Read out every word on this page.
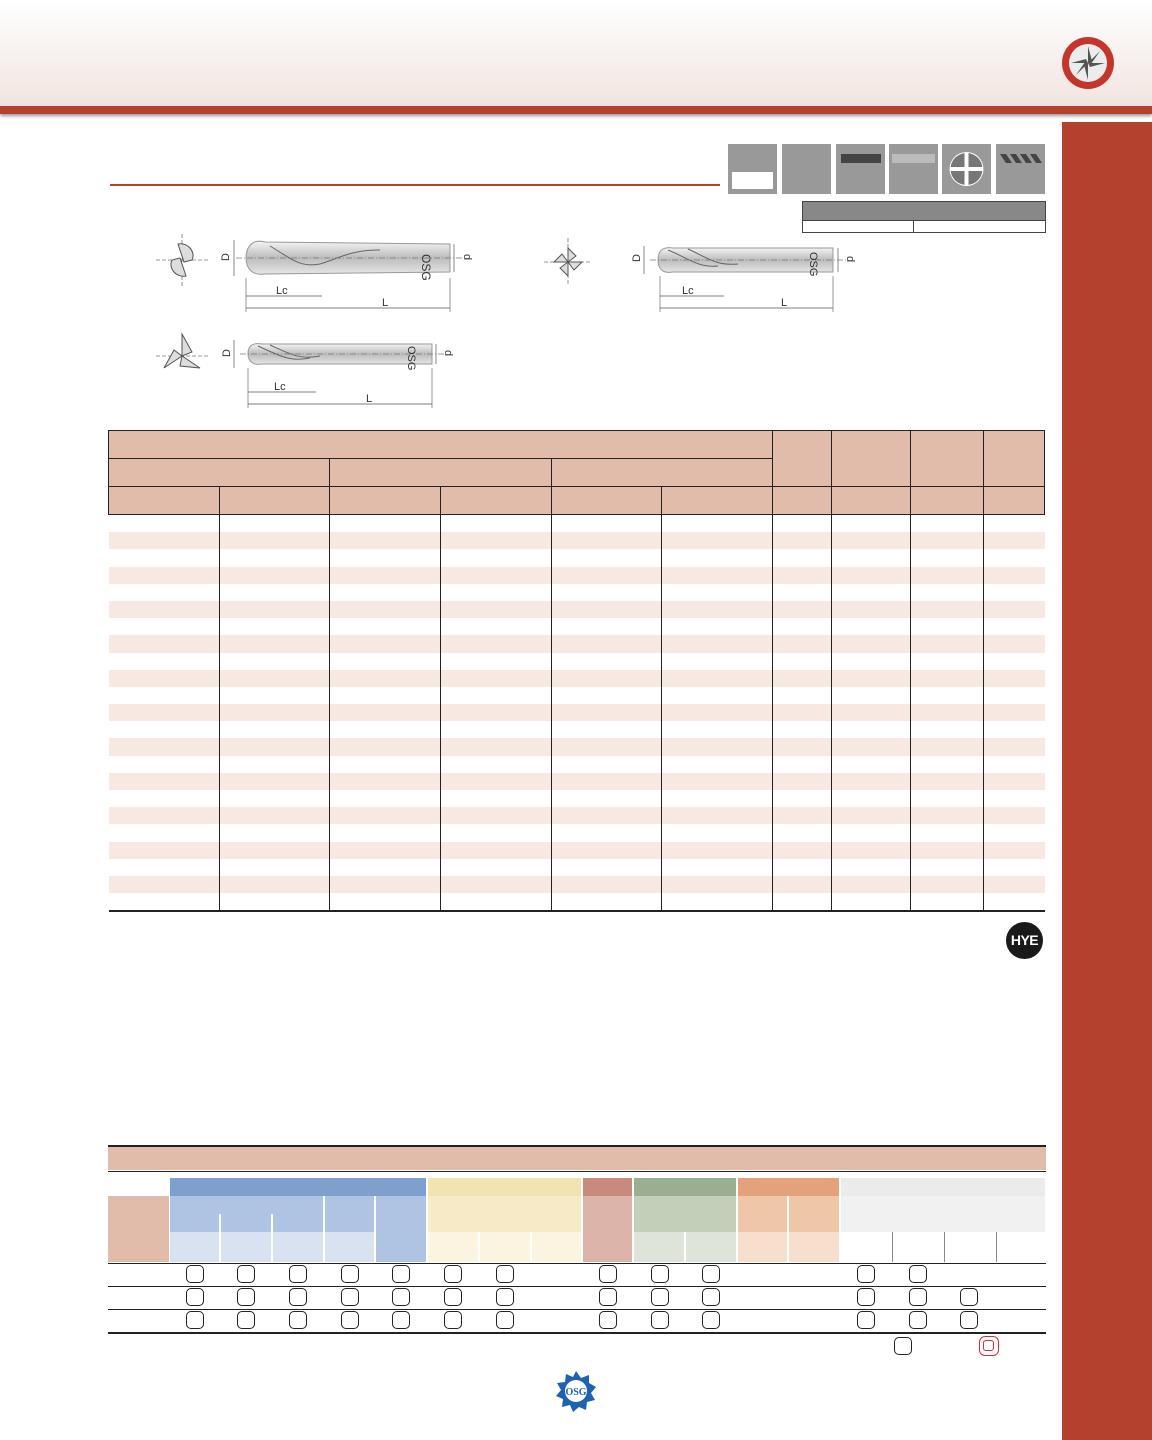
OSG
D	d
Lc
L
OSG
D	d
Lc
L
OSG
D	d
Lc
L

HYE
OSG
